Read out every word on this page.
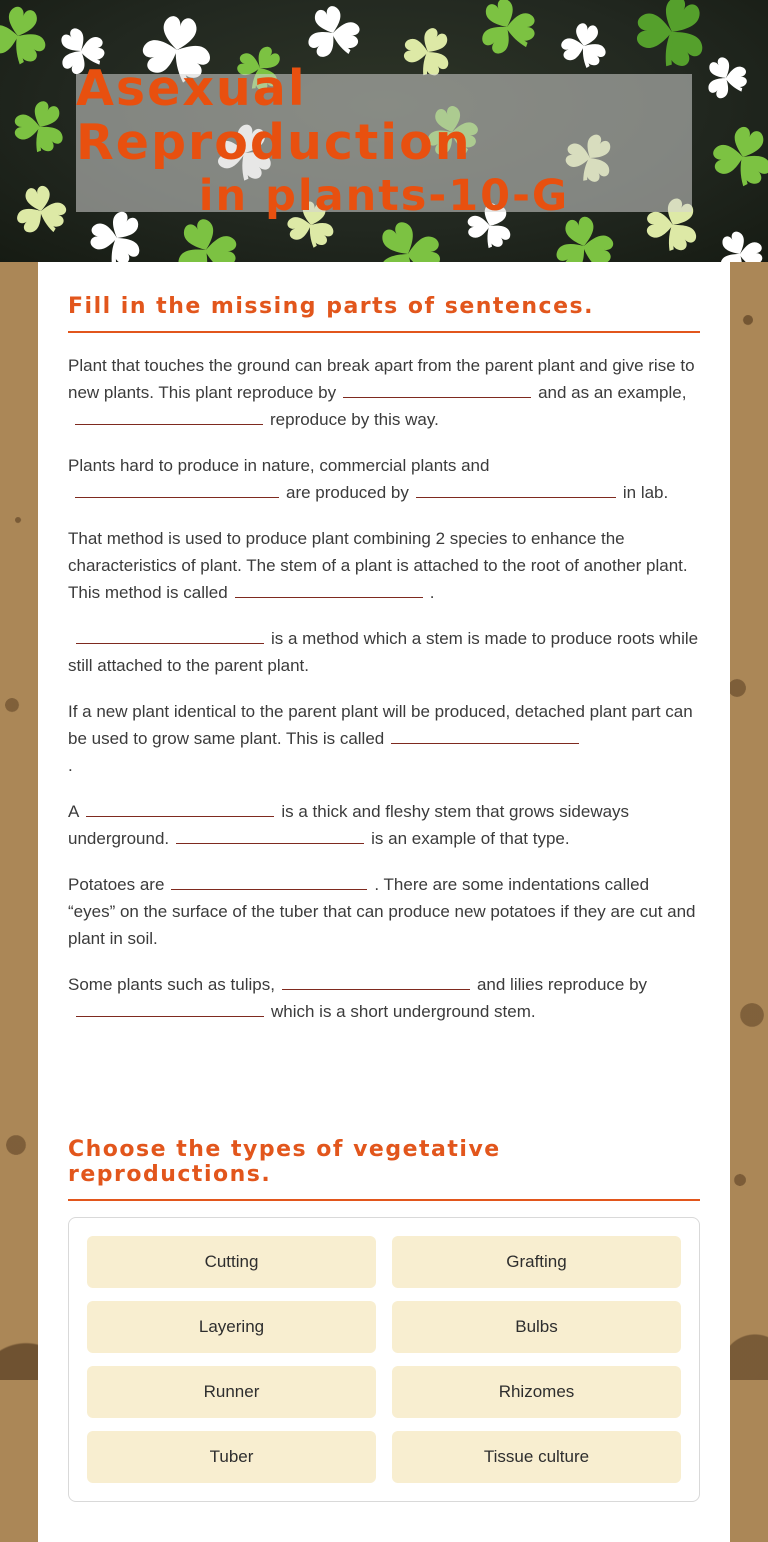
Asexual Reproduction
in plants-10-G
Fill in the missing parts of sentences.

Plant that touches the ground can break apart from the parent plant and give rise to new plants. This plant reproduce by	and as an example,reproduce by this way.

Plants hard to produce in nature, commercial plants andare produced by	in lab.

That method is used to produce plant combining 2 species to enhance the characteristics of plant. The stem of a plant is attached to the root of another plant. This method is called	.

is a method which a stem is made to produce roots while still attached to the parent plant.

If a new plant identical to the parent plant will be produced, detached plant part can be used to grow same plant. This is called
.

A	is a thick and fleshy stem that grows sideways underground.	is an example of that type.

Potatoes are	. There are some indentations called “eyes” on the surface of the tuber that can produce new potatoes if they are cut and plant in soil.

Some plants such as tulips,	and lilies reproduce bywhich is a short underground stem.

Choose the types of vegetative reproductions.
Cutting	Grafting
Layering	Bulbs
Runner	Rhizomes
Tuber	Tissue culture
